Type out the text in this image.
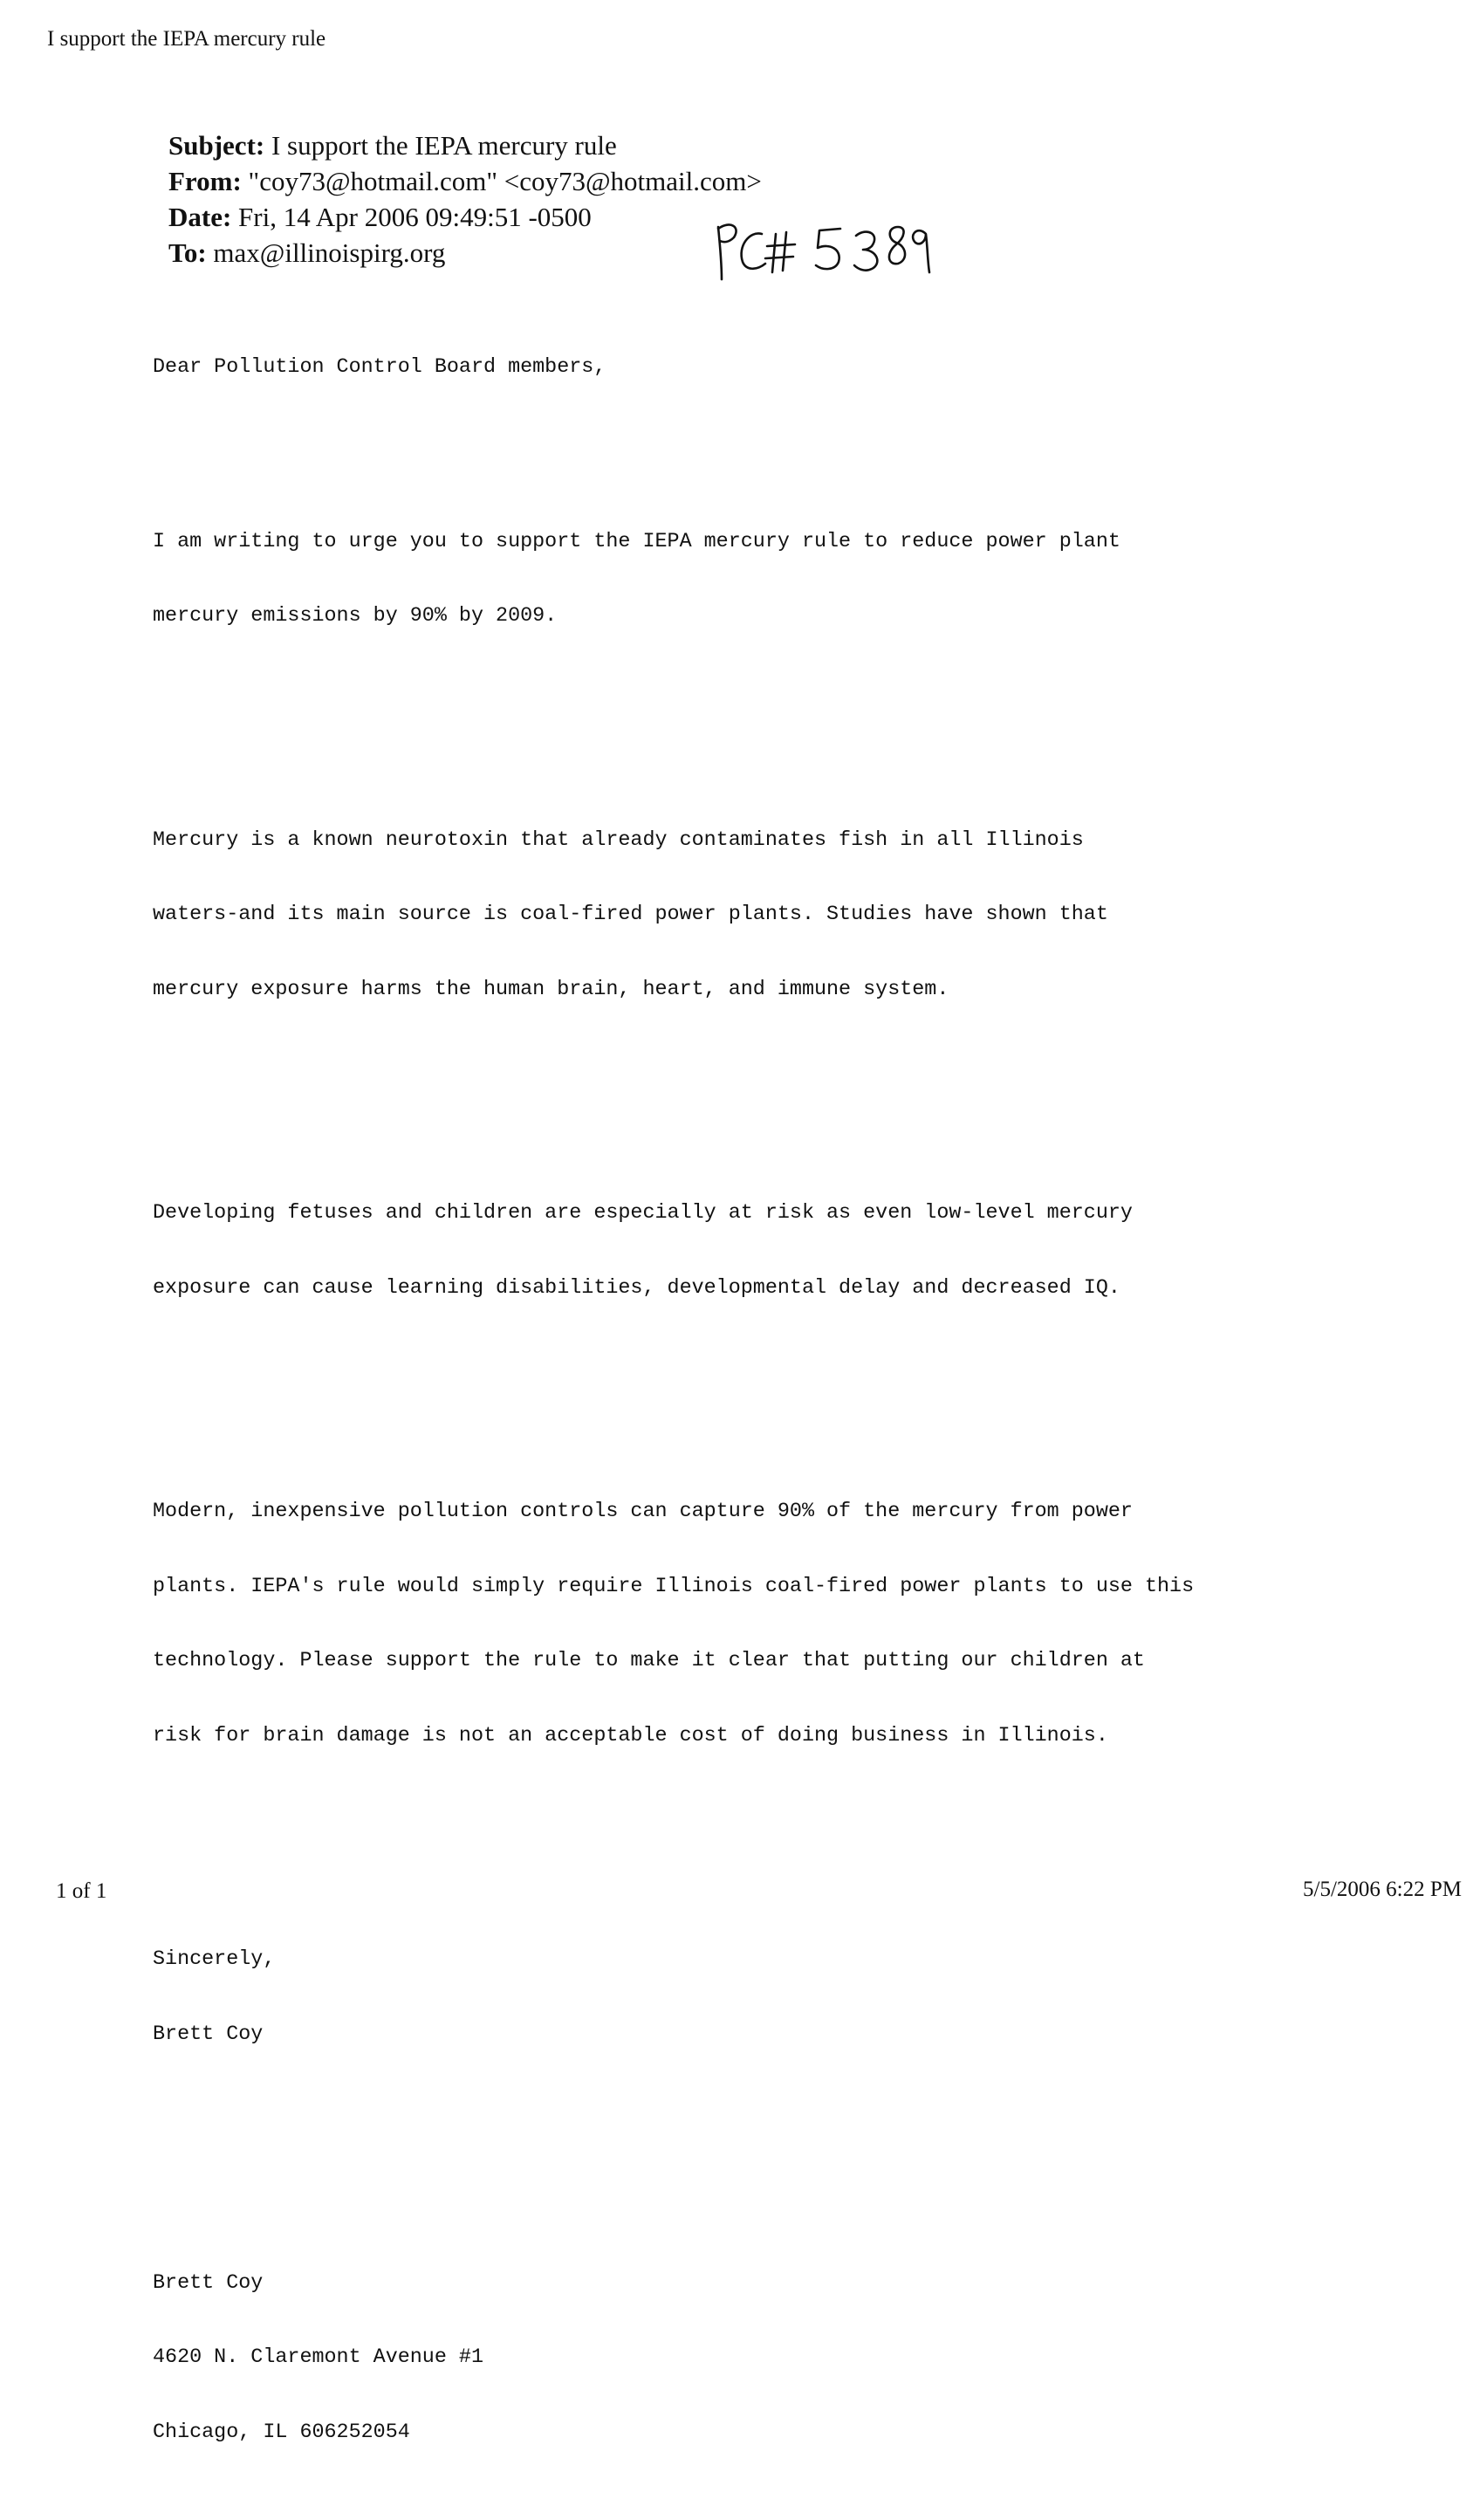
I support the IEPA mercury rule
Subject: I support the IEPA mercury rule
From: "coy73@hotmail.com" <coy73@hotmail.com>
Date: Fri, 14 Apr 2006 09:49:51 -0500
To: max@illinoispirg.org

Dear Pollution Control Board members,

I am writing to urge you to support the IEPA mercury rule to reduce power plant

mercury emissions by 90% by 2009.

Mercury is a known neurotoxin that already contaminates fish in all Illinois

waters-and its main source is coal-fired power plants. Studies have shown that

mercury exposure harms the human brain, heart, and immune system.

Developing fetuses and children are especially at risk as even low-level mercury

exposure can cause learning disabilities, developmental delay and decreased IQ.

Modern, inexpensive pollution controls can capture 90% of the mercury from power

plants. IEPA's rule would simply require Illinois coal-fired power plants to use this

technology. Please support the rule to make it clear that putting our children at

risk for brain damage is not an acceptable cost of doing business in Illinois.

Sincerely,

Brett Coy

Brett Coy

4620 N. Claremont Avenue #1

Chicago, IL 606252054

1 of 1	5/5/2006 6:22 PM
